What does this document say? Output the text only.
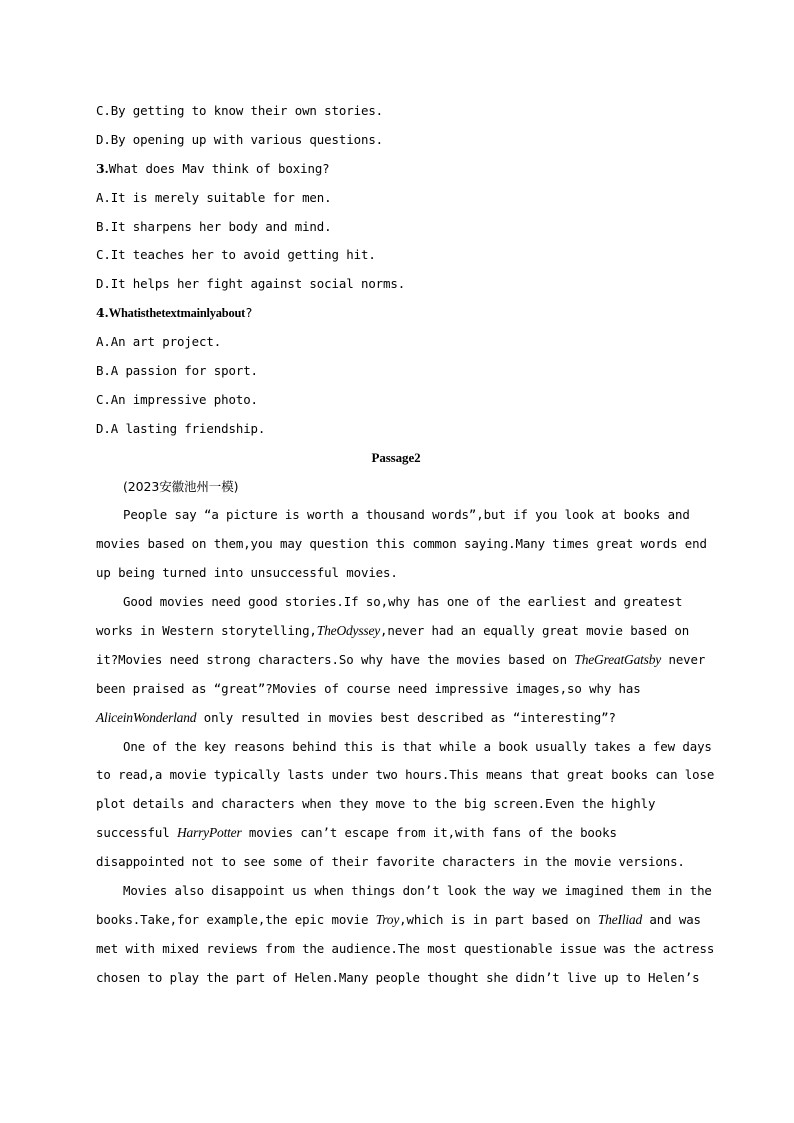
C.By getting to know their own stories.
D.By opening up with various questions.
3.What does Mav think of boxing?
A.It is merely suitable for men.
B.It sharpens her body and mind.
C.It teaches her to avoid getting hit.
D.It helps her fight against social norms.
4.Whatisthetextmainlyabout?
A.An art project.
B.A passion for sport.
C.An impressive photo.
D.A lasting friendship.
Passage2
(2023安徽池州一模)
People say “a picture is worth a thousand words”,but if you look at books and
movies based on them,you may question this common saying.Many times great words end
up being turned into unsuccessful movies.
Good movies need good stories.If so,why has one of the earliest and greatest
works in Western storytelling,TheOdyssey,never had an equally great movie based on
it?Movies need strong characters.So why have the movies based on TheGreatGatsby never
been praised as “great”?Movies of course need impressive images,so why has
AliceinWonderland only resulted in movies best described as “interesting”?
One of the key reasons behind this is that while a book usually takes a few days
to read,a movie typically lasts under two hours.This means that great books can lose
plot details and characters when they move to the big screen.Even the highly
successful HarryPotter movies can’t escape from it,with fans of the books
disappointed not to see some of their favorite characters in the movie versions.
Movies also disappoint us when things don’t look the way we imagined them in the
books.Take,for example,the epic movie Troy,which is in part based on TheIliad and was
met with mixed reviews from the audience.The most questionable issue was the actress
chosen to play the part of Helen.Many people thought she didn’t live up to Helen’s
